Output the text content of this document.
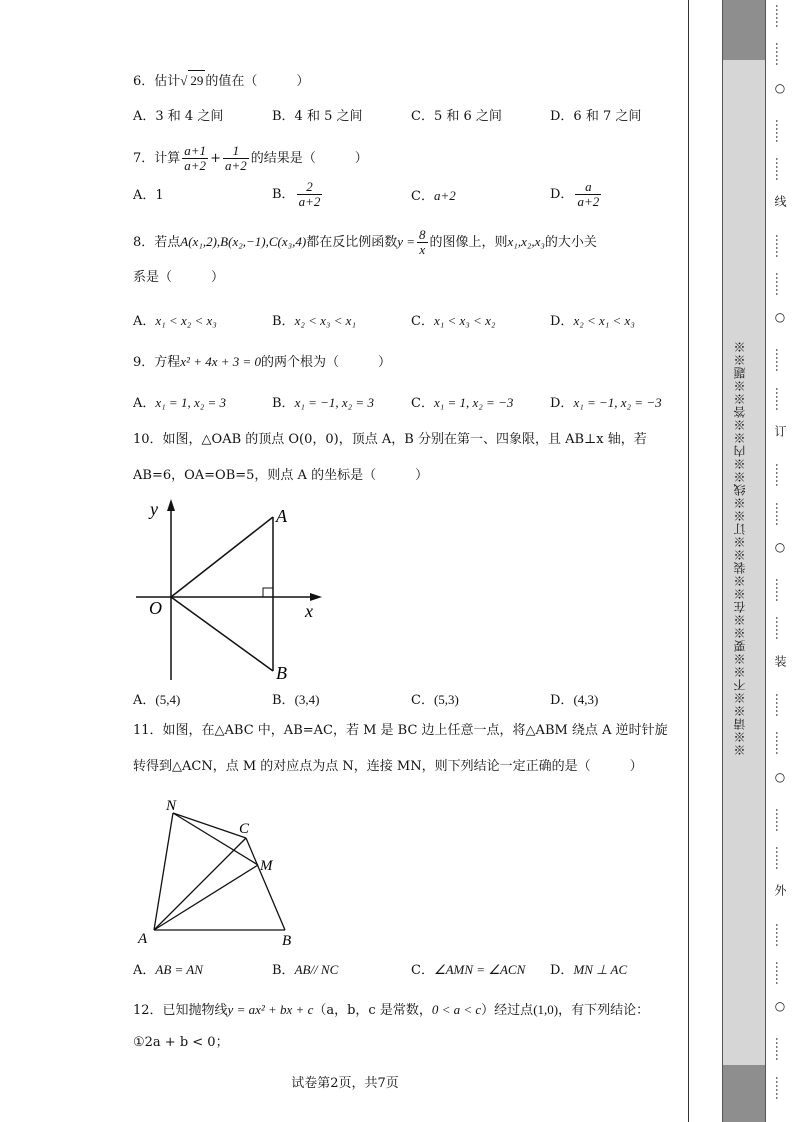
6．估计√ 29 的值在（　　　）
A．3 和 4 之间	B．4 和 5 之间	C．5 和 6 之间	D．6 和 7 之间
7．计算 $\frac{a+1}{a+2} + \frac{1}{a+2}$ 的结果是（　　　）
A．1	B． $\frac{2}{a+2}$	C．a+2	D． $\frac{a}{a+2}$
8．若点A(x₁,2),B(x₂,−1),C(x₃,4)都在反比例函数$y = \frac{8}{x}$ 的图像上，则x₁,x₂,x₃的大小关
系是（　　　）
A．x₁ < x₂ < x₃	B．x₂ < x₃ < x₁	C．x₁ < x₃ < x₂	D．x₂ < x₁ < x₃
9．方程x² + 4x + 3 = 0的两个根为（　　　）
A．x₁ = 1, x₂ = 3	B．x₁ = −1, x₂ = 3	C．x₁ = 1, x₂ = −3	D．x₁ = −1, x₂ = −3
10．如图，△OAB 的顶点 O(0，0)，顶点 A，B 分别在第一、四象限，且 AB⊥x 轴，若
AB=6，OA=OB=5，则点 A 的坐标是（　　　）
y
x
O
A
B
A．(5,4)	B．(3,4)	C．(5,3)	D．(4,3)
11．如图，在△ABC 中，AB=AC，若 M 是 BC 边上任意一点，将△ABM 绕点 A 逆时针旋
转得到△ACN，点 M 的对应点为点 N，连接 MN，则下列结论一定正确的是（　　　）
N
C
M
A	B
A．AB = AN	B．AB// NC	C．∠AMN = ∠ACN D．MN ⊥ AC
12．已知抛物线y = ax² + bx + c（a，b，c 是常数，0 < a < c）经过点(1,0)，有下列结论：
①2a + b < 0；
试卷第2页，共7页
※※请※※不※※要※※在※※装※※订※※线※※内※※答※※题※※
……
……
○
……
……
线
……
……
○
……
……
订
……
……
○
……
……
装
……
……
○
……
……
外
……
……
○
……
……
